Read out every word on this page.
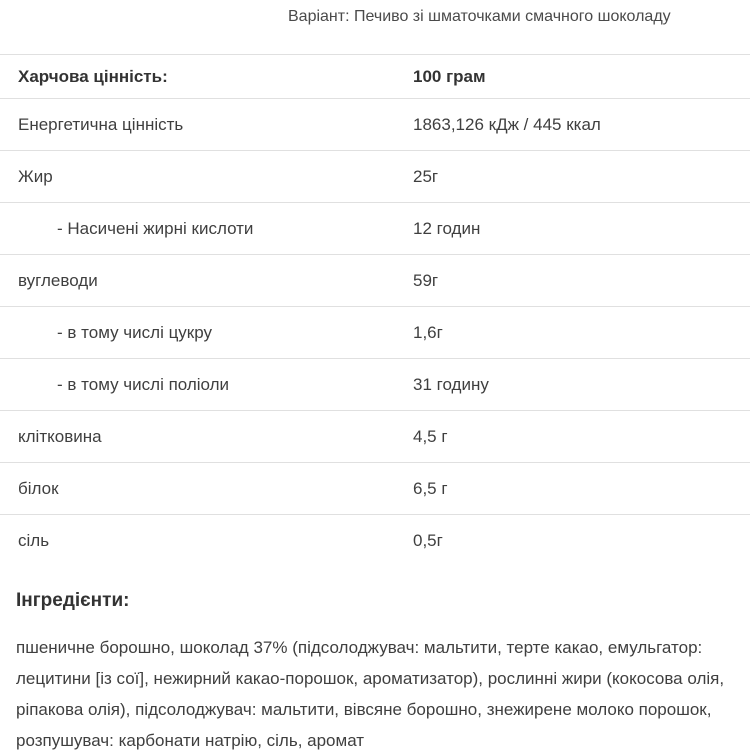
Варіант: Печиво зі шматочками смачного шоколаду
Харчова цінність:	100 грам
Енергетична цінність	1863,126 кДж / 445 ккал
Жир	25г
- Насичені жирні кислоти	12 годин
вуглеводи	59г
- в тому числі цукру	1,6г
- в тому числі поліоли	31 годину
клітковина	4,5 г
білок	6,5 г
сіль	0,5г
Інгредієнти:

пшеничне борошно, шоколад 37% (підсолоджувач: мальтити, терте какао, емульгатор: лецитини [із сої], нежирний какао-порошок, ароматизатор), рослинні жири (кокосова олія, ріпакова олія), підсолоджувач: мальтити, вівсяне борошно, знежирене молоко порошок, розпушувач: карбонати натрію, сіль, аромат
